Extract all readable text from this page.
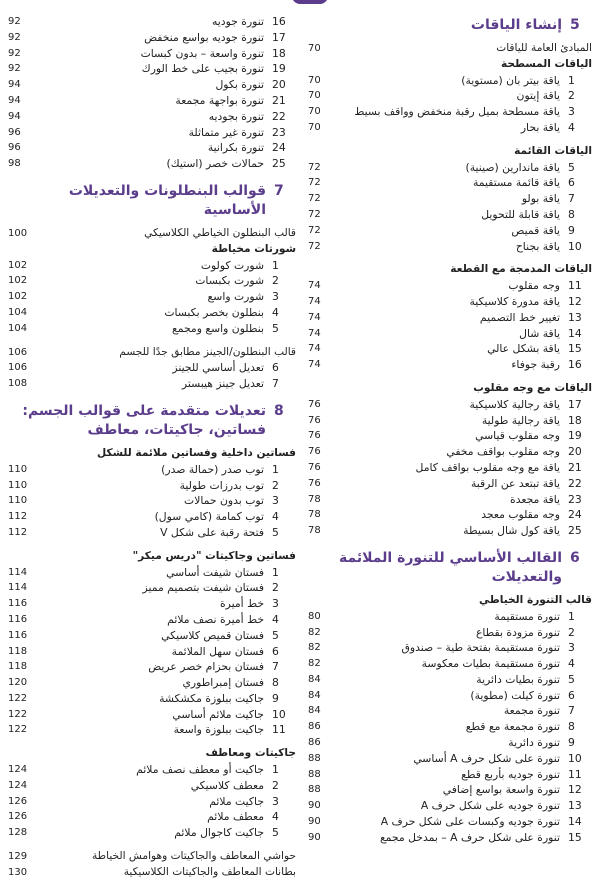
5
إنشاء الياقات
المبادئ العامة للياقات
70
الياقات المسطحة
1
ياقة بيتر بان (مستوية)
70
2
ياقة إيتون
70
3
ياقة مسطحة بميل رقبة منخفض وواقف بسيط
70
4
ياقة بحار
70
الياقات القائمة
5
ياقة ماندارين (صينية)
72
6
ياقة قائمة مستقيمة
72
7
ياقة بولو
72
8
ياقة قابلة للتحويل
72
9
ياقة قميص
72
10
ياقة بجناح
72
الياقات المدمجة مع القطعة
11
وجه مقلوب
74
12
ياقة مدورة كلاسيكية
74
13
تغيير خط التصميم
74
14
ياقة شال
74
15
ياقة بشكل عالي
74
16
رقبة جوفاء
74
الياقات مع وجه مقلوب
17
ياقة رجالية كلاسيكية
76
18
ياقة رجالية طولية
76
19
وجه مقلوب قياسي
76
20
وجه مقلوب بواقف مخفي
76
21
ياقة مع وجه مقلوب بواقف كامل
76
22
ياقة تبتعد عن الرقبة
76
23
ياقة مجعدة
78
24
وجه مقلوب معجد
78
25
ياقة كول شال بسيطة
78
6
القالب الأساسي للتنورة الملائمة والتعديلات
قالب التنورة الخياطي
1
تنورة مستقيمة
80
2
تنورة مزودة بقطاع
82
3
تنورة مستقيمة بفتحة طية – صندوق
82
4
تنورة مستقيمة بطيات معكوسة
82
5
تنورة بطيات دائرية
84
6
تنورة كيلت (مطوية)
84
7
تنورة مجمعة
84
8
تنورة مجمعة مع قطع
86
9
تنورة دائرية
86
10
تنورة على شكل حرف A أساسي
88
11
تنورة جوديه بأربع قطع
88
12
تنورة واسعة بواسع إضافي
88
13
تنورة جوديه على شكل حرف A
90
14
تنورة جوديه وكبسات على شكل حرف A
90
15
تنورة على شكل حرف A – بمدخل مجمع
90
16
تنورة جوديه
92
17
تنورة جوديه بواسع منخفض
92
18
تنورة واسعة – بدون كبسات
92
19
تنورة بجيب على خط الورك
92
20
تنورة بكول
94
21
تنورة بواجهة مجمعة
94
22
تنورة بجوديه
94
23
تنورة غير متماثلة
96
24
تنورة بكرانية
96
25
حمالات خصر (استيك)
98
7
قوالب البنطلونات والتعديلات الأساسية
قالب البنطلون الخياطي الكلاسيكي
100
شورتات مخياطة
1
شورت كولوت
102
2
شورت بكبسات
102
3
شورت واسع
102
4
بنطلون بخصر بكبسات
104
5
بنطلون واسع ومجمع
104
قالب البنطلون/الجينز مطابق جدًا للجسم
106
6
تعديل أساسي للجينز
106
7
تعديل جينز هيبستر
108
8
تعديلات متقدمة على قوالب الجسم: فساتين، جاكيتات، معاطف
فساتين داخلية وفساتين ملائمة للشكل
1
توب صدر (حمالة صدر)
110
2
توب بدرزات طولية
110
3
توب بدون حمالات
110
4
توب كمامة (كامي سول)
112
5
فتحة رقبة على شكل V
112
فساتين وجاكيتات "دريس ميكر"
1
فستان شيفت أساسي
114
2
فستان شيفت بتصميم مميز
114
3
خط أميرة
116
4
خط أميرة نصف ملائم
116
5
فستان قميص كلاسيكي
116
6
فستان سهل الملائمة
118
7
فستان بحزام خصر عريض
118
8
فستان إمبراطوري
120
9
جاكيت ببلوزة مكشكشة
122
10
جاكيت ملائم أساسي
122
11
جاكيت ببلوزة واسعة
122
جاكيتات ومعاطف
1
جاكيت أو معطف نصف ملائم
124
2
معطف كلاسيكي
124
3
جاكيت ملائم
126
4
معطف ملائم
126
5
جاكيت كاجوال ملائم
128
حواشي المعاطف والجاكيتات وهوامش الخياطة
129
بطانات المعاطف والجاكيتات الكلاسيكية
130
